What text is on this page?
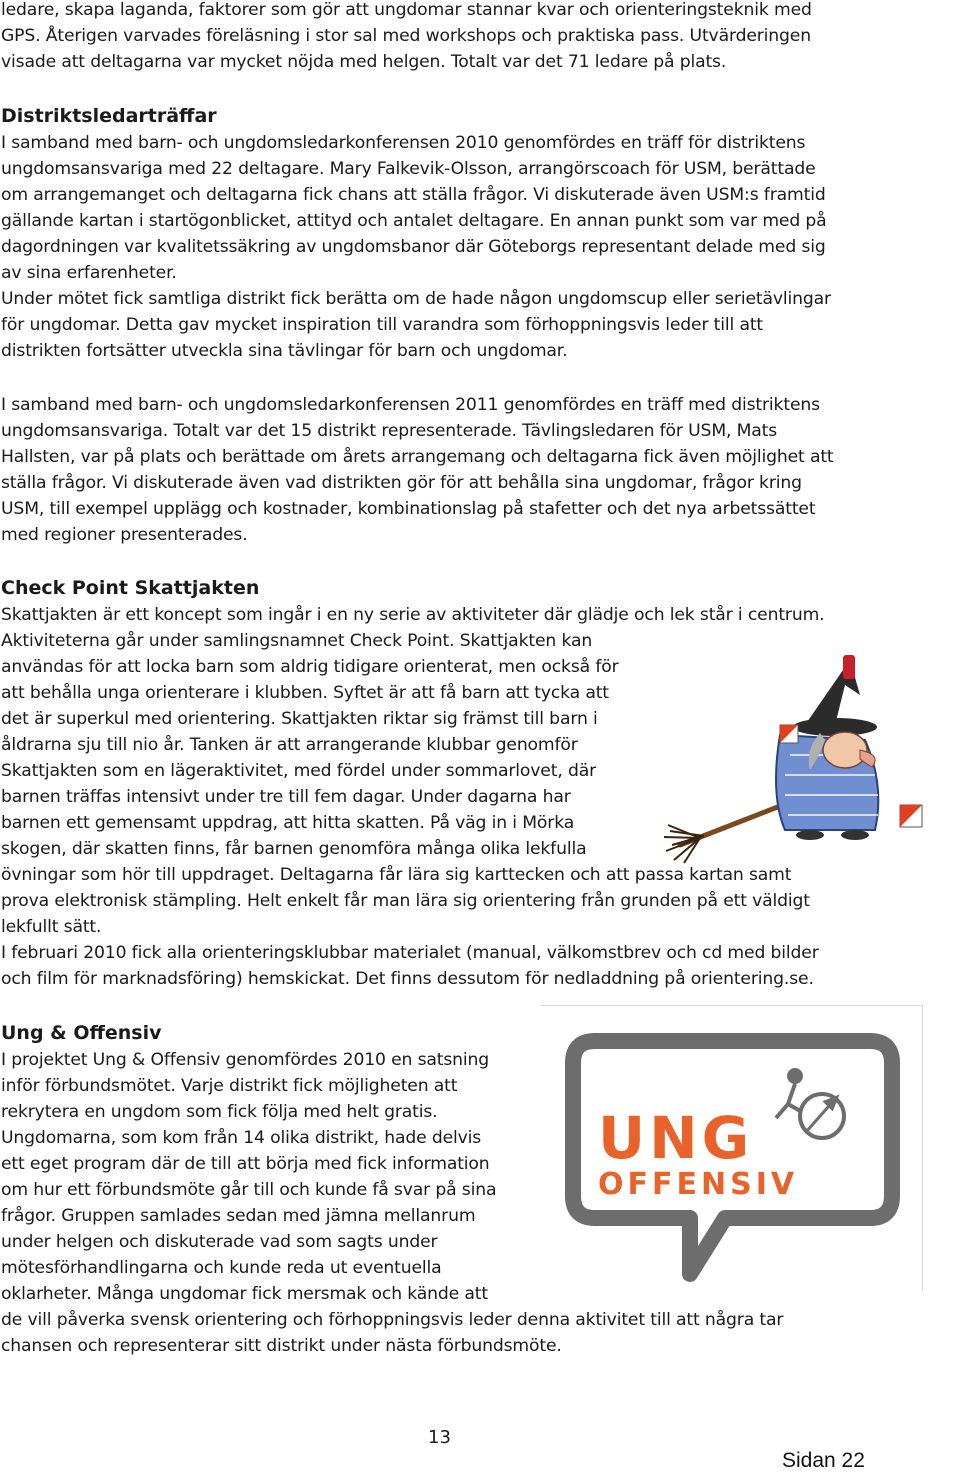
ledare, skapa laganda, faktorer som gör att ungdomar stannar kvar och orienteringsteknik med
GPS. Återigen varvades föreläsning i stor sal med workshops och praktiska pass. Utvärderingen
visade att deltagarna var mycket nöjda med helgen. Totalt var det 71 ledare på plats.
Distriktsledarträffar
I samband med barn- och ungdomsledarkonferensen 2010 genomfördes en träff för distriktens
ungdomsansvariga med 22 deltagare. Mary Falkevik-Olsson, arrangörscoach för USM, berättade
om arrangemanget och deltagarna fick chans att ställa frågor. Vi diskuterade även USM:s framtid
gällande kartan i startögonblicket, attityd och antalet deltagare. En annan punkt som var med på
dagordningen var kvalitetssäkring av ungdomsbanor där Göteborgs representant delade med sig
av sina erfarenheter.
Under mötet fick samtliga distrikt fick berätta om de hade någon ungdomscup eller serietävlingar
för ungdomar. Detta gav mycket inspiration till varandra som förhoppningsvis leder till att
distrikten fortsätter utveckla sina tävlingar för barn och ungdomar.
I samband med barn- och ungdomsledarkonferensen 2011 genomfördes en träff med distriktens
ungdomsansvariga. Totalt var det 15 distrikt representerade. Tävlingsledaren för USM, Mats
Hallsten, var på plats och berättade om årets arrangemang och deltagarna fick även möjlighet att
ställa frågor. Vi diskuterade även vad distrikten gör för att behålla sina ungdomar, frågor kring
USM, till exempel upplägg och kostnader, kombinationslag på stafetter och det nya arbetssättet
med regioner presenterades.
Check Point Skattjakten
Skattjakten är ett koncept som ingår i en ny serie av aktiviteter där glädje och lek står i centrum.
Aktiviteterna går under samlingsnamnet Check Point. Skattjakten kan
användas för att locka barn som aldrig tidigare orienterat, men också för
att behålla unga orienterare i klubben. Syftet är att få barn att tycka att
det är superkul med orientering. Skattjakten riktar sig främst till barn i
åldrarna sju till nio år. Tanken är att arrangerande klubbar genomför
Skattjakten som en lägeraktivitet, med fördel under sommarlovet, där
barnen träffas intensivt under tre till fem dagar. Under dagarna har
barnen ett gemensamt uppdrag, att hitta skatten. På väg in i Mörka
skogen, där skatten finns, får barnen genomföra många olika lekfulla
övningar som hör till uppdraget. Deltagarna får lära sig karttecken och att passa kartan samt
prova elektronisk stämpling. Helt enkelt får man lära sig orientering från grunden på ett väldigt
lekfullt sätt.
I februari 2010 fick alla orienteringsklubbar materialet (manual, välkomstbrev och cd med bilder
och film för marknadsföring) hemskickat. Det finns dessutom för nedladdning på orientering.se.
Ung & Offensiv
I projektet Ung & Offensiv genomfördes 2010 en satsning
inför förbundsmötet. Varje distrikt fick möjligheten att
rekrytera en ungdom som fick följa med helt gratis.
Ungdomarna, som kom från 14 olika distrikt, hade delvis
ett eget program där de till att börja med fick information
om hur ett förbundsmöte går till och kunde få svar på sina
frågor. Gruppen samlades sedan med jämna mellanrum
under helgen och diskuterade vad som sagts under
mötesförhandlingarna och kunde reda ut eventuella
oklarheter. Många ungdomar fick mersmak och kände att
de vill påverka svensk orientering och förhoppningsvis leder denna aktivitet till att några tar
chansen och representerar sitt distrikt under nästa förbundsmöte.
UNG
OFFENSIV
13
Sidan 22
